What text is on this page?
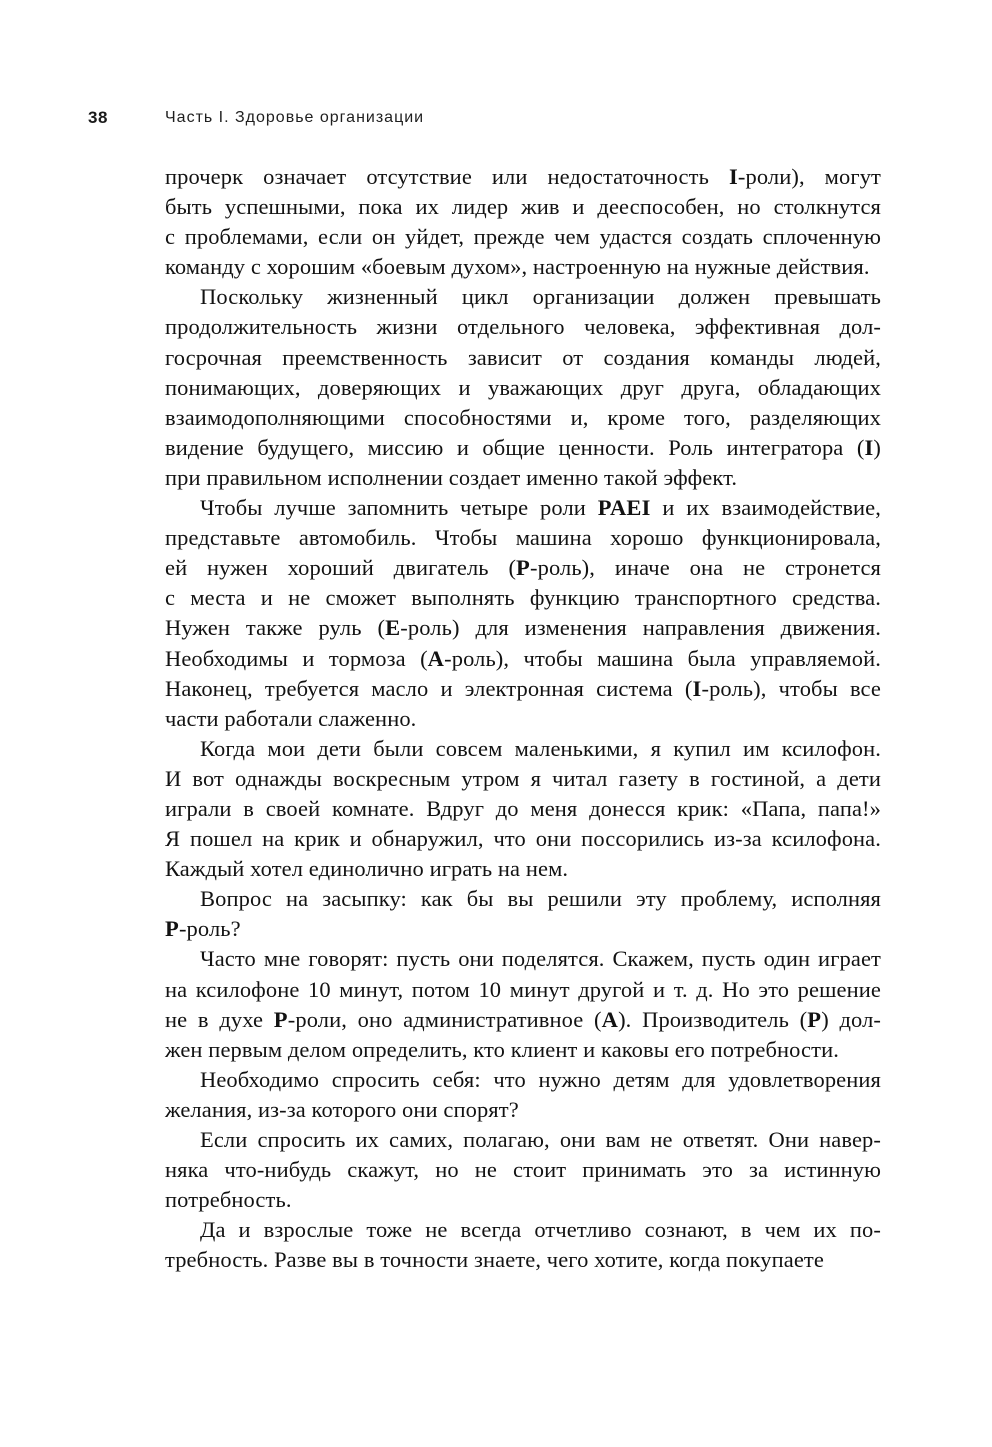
38	Часть I. Здоровье организации
прочерк означает отсутствие или недостаточность I-роли), могут
быть успешными, пока их лидер жив и дееспособен, но столкнутся
с проблемами, если он уйдет, прежде чем удастся создать сплоченную
команду с хорошим «боевым духом», настроенную на нужные действия.
Поскольку жизненный цикл организации должен превышать
продолжительность жизни отдельного человека, эффективная дол-
госрочная преемственность зависит от создания команды людей,
понимающих, доверяющих и уважающих друг друга, обладающих
взаимодополняющими способностями и, кроме того, разделяющих
видение будущего, миссию и общие ценности. Роль интегратора (I)
при правильном исполнении создает именно такой эффект.
Чтобы лучше запомнить четыре роли PAEI и их взаимодействие,
представьте автомобиль. Чтобы машина хорошо функционировала,
ей нужен хороший двигатель (P-роль), иначе она не стронется
с места и не сможет выполнять функцию транспортного средства.
Нужен также руль (E-роль) для изменения направления движения.
Необходимы и тормоза (A-роль), чтобы машина была управляемой.
Наконец, требуется масло и электронная система (I-роль), чтобы все
части работали слаженно.
Когда мои дети были совсем маленькими, я купил им ксилофон.
И вот однажды воскресным утром я читал газету в гостиной, а дети
играли в своей комнате. Вдруг до меня донесся крик: «Папа, папа!»
Я пошел на крик и обнаружил, что они поссорились из-за ксилофона.
Каждый хотел единолично играть на нем.
Вопрос на засыпку: как бы вы решили эту проблему, исполняя
P-роль?
Часто мне говорят: пусть они поделятся. Скажем, пусть один играет
на ксилофоне 10 минут, потом 10 минут другой и т. д. Но это решение
не в духе P-роли, оно административное (A). Производитель (P) дол-
жен первым делом определить, кто клиент и каковы его потребности.
Необходимо спросить себя: что нужно детям для удовлетворения
желания, из-за которого они спорят?
Если спросить их самих, полагаю, они вам не ответят. Они навер-
няка что-нибудь скажут, но не стоит принимать это за истинную
потребность.
Да и взрослые тоже не всегда отчетливо сознают, в чем их по-
требность. Разве вы в точности знаете, чего хотите, когда покупаете
